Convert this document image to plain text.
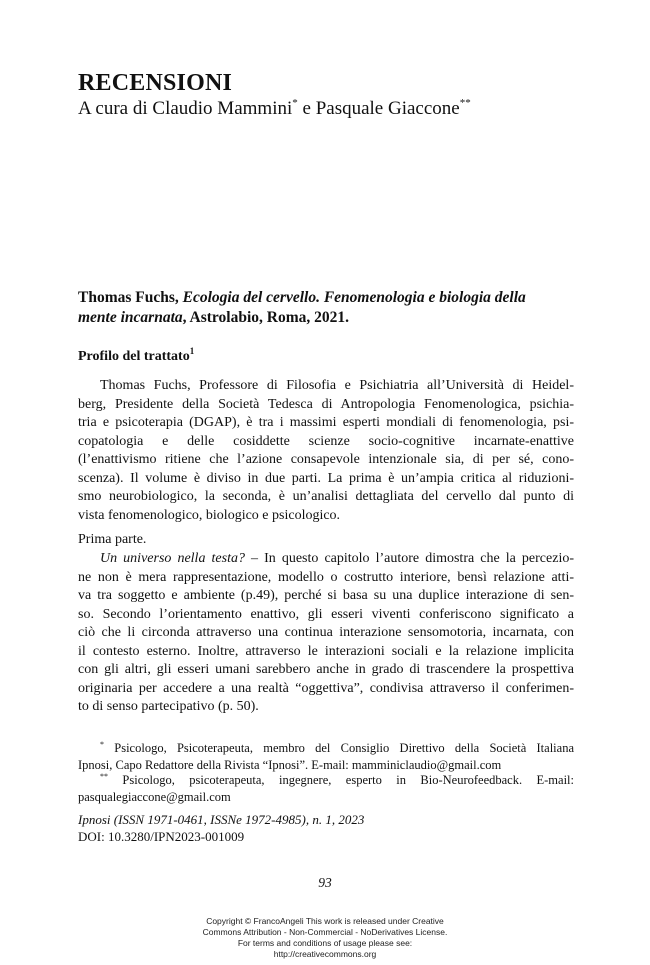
RECENSIONI
A cura di Claudio Mammini* e Pasquale Giaccone**
Thomas Fuchs, Ecologia del cervello. Fenomenologia e biologia della
mente incarnata, Astrolabio, Roma, 2021.
Profilo del trattato$^1$
Thomas Fuchs, Professore di Filosofia e Psichiatria all’Università di Heidel-
berg, Presidente della Società Tedesca di Antropologia Fenomenologica, psichia-
tria e psicoterapia (DGAP), è tra i massimi esperti mondiali di fenomenologia, psi-
copatologia e delle cosiddette scienze socio-cognitive incarnate-enattive
(l’enattivismo ritiene che l’azione consapevole intenzionale sia, di per sé, cono-
scenza). Il volume è diviso in due parti. La prima è un’ampia critica al riduzioni-
smo neurobiologico, la seconda, è un’analisi dettagliata del cervello dal punto di
vista fenomenologico, biologico e psicologico.
Prima parte.
Un universo nella testa? – In questo capitolo l’autore dimostra che la percezio-
ne non è mera rappresentazione, modello o costrutto interiore, bensì relazione atti-
va tra soggetto e ambiente (p.49), perché si basa su una duplice interazione di sen-
so. Secondo l’orientamento enattivo, gli esseri viventi conferiscono significato a
ciò che li circonda attraverso una continua interazione sensomotoria, incarnata, con
il contesto esterno. Inoltre, attraverso le interazioni sociali e la relazione implicita
con gli altri, gli esseri umani sarebbero anche in grado di trascendere la prospettiva
originaria per accedere a una realtà “oggettiva”, condivisa attraverso il conferimen-
to di senso partecipativo (p. 50).
* Psicologo, Psicoterapeuta, membro del Consiglio Direttivo della Società Italiana
Ipnosi, Capo Redattore della Rivista “Ipnosi”. E-mail: mamminiclaudio@gmail.com
** Psicologo, psicoterapeuta, ingegnere, esperto in Bio-Neurofeedback. E-mail:
pasqualegiaccone@gmail.com
Ipnosi (ISSN 1971-0461, ISSNe 1972-4985), n. 1, 2023
DOI: 10.3280/IPN2023-001009
93
Copyright © FrancoAngeli This work is released under Creative
Commons Attribution - Non-Commercial - NoDerivatives License.
For terms and conditions of usage please see:
http://creativecommons.org
